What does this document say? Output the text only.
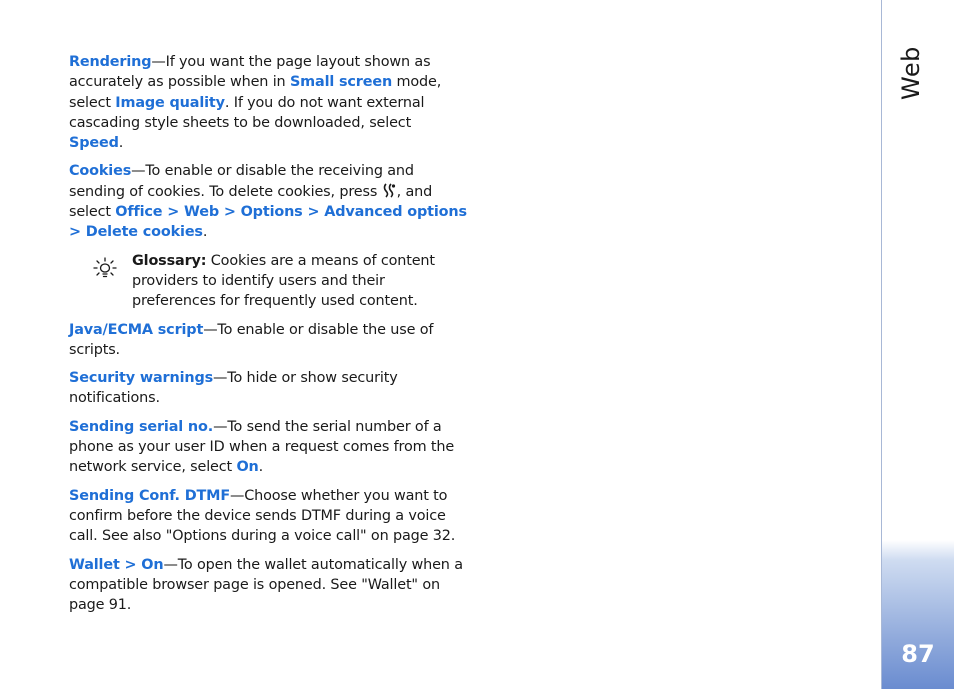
Rendering—If you want the page layout shown as accurately as possible when in Small screen mode, select Image quality. If you do not want external cascading style sheets to be downloaded, select Speed.

Cookies—To enable or disable the receiving and sending of cookies. To delete cookies, press , and select Office > Web > Options > Advanced options > Delete cookies.

Glossary: Cookies are a means of content providers to identify users and their preferences for frequently used content.

Java/ECMA script—To enable or disable the use of scripts.

Security warnings—To hide or show security notifications.

Sending serial no.—To send the serial number of a phone as your user ID when a request comes from the network service, select On.

Sending Conf. DTMF—Choose whether you want to confirm before the device sends DTMF during a voice call. See also "Options during a voice call" on page 32.

Wallet > On—To open the wallet automatically when a compatible browser page is opened. See "Wallet" on page 91.

Web
87
